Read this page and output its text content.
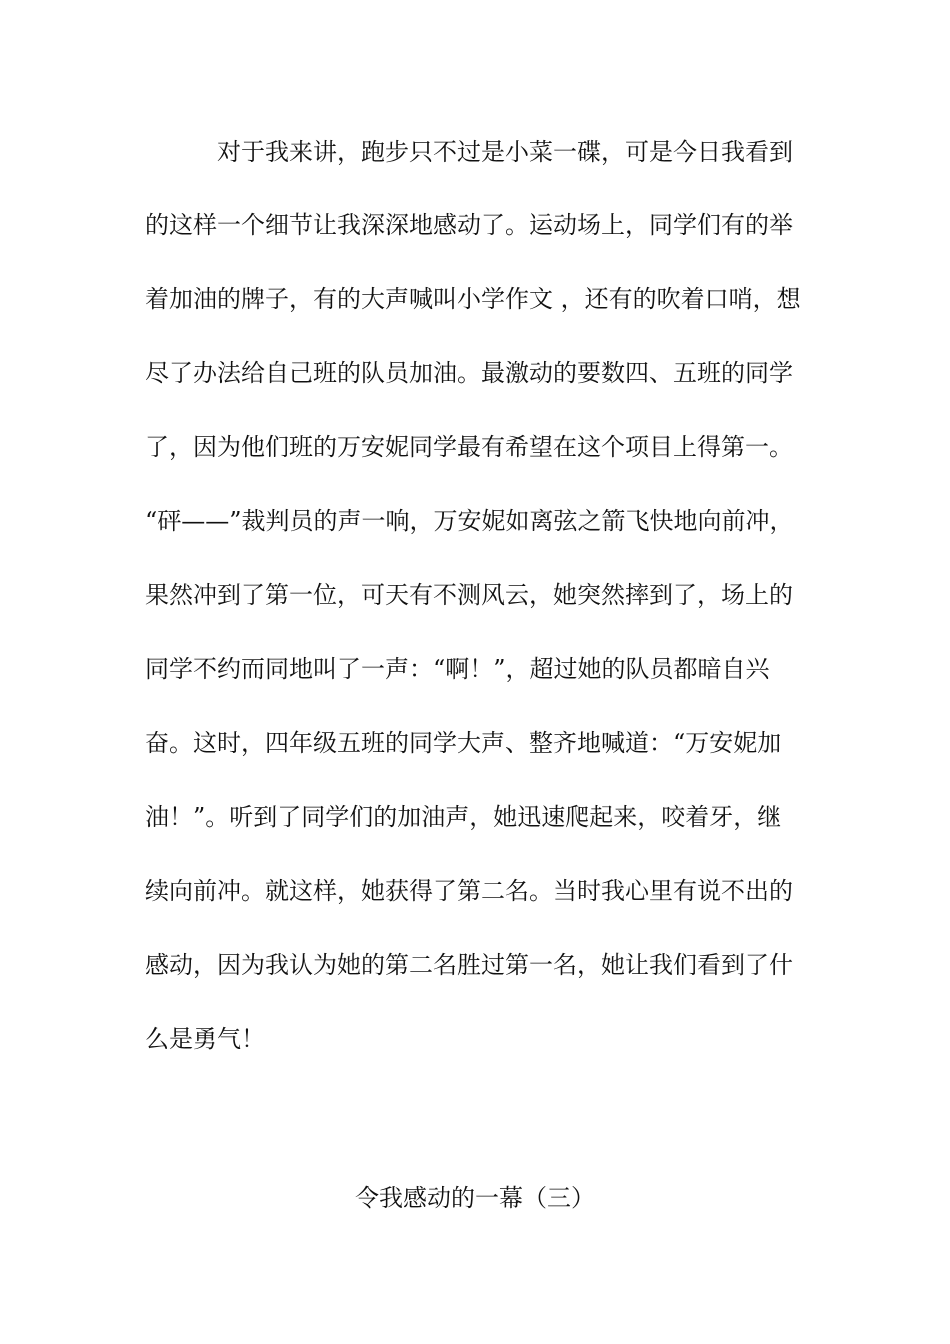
对于我来讲，跑步只不过是小菜一碟，可是今日我看到
的这样一个细节让我深深地感动了。运动场上，同学们有的举
着加油的牌子，有的大声喊叫小学作文 ，还有的吹着口哨，想
尽了办法给自己班的队员加油。最激动的要数四、五班的同学
了，因为他们班的万安妮同学最有希望在这个项目上得第一。
“砰——”裁判员的声一响，万安妮如离弦之箭飞快地向前冲，
果然冲到了第一位，可天有不测风云，她突然摔到了，场上的
同学不约而同地叫了一声：“啊！”，超过她的队员都暗自兴
奋。这时，四年级五班的同学大声、整齐地喊道：“万安妮加
油！”。听到了同学们的加油声，她迅速爬起来，咬着牙，继
续向前冲。就这样，她获得了第二名。当时我心里有说不出的
感动，因为我认为她的第二名胜过第一名，她让我们看到了什
么是勇气！
令我感动的一幕（三）
